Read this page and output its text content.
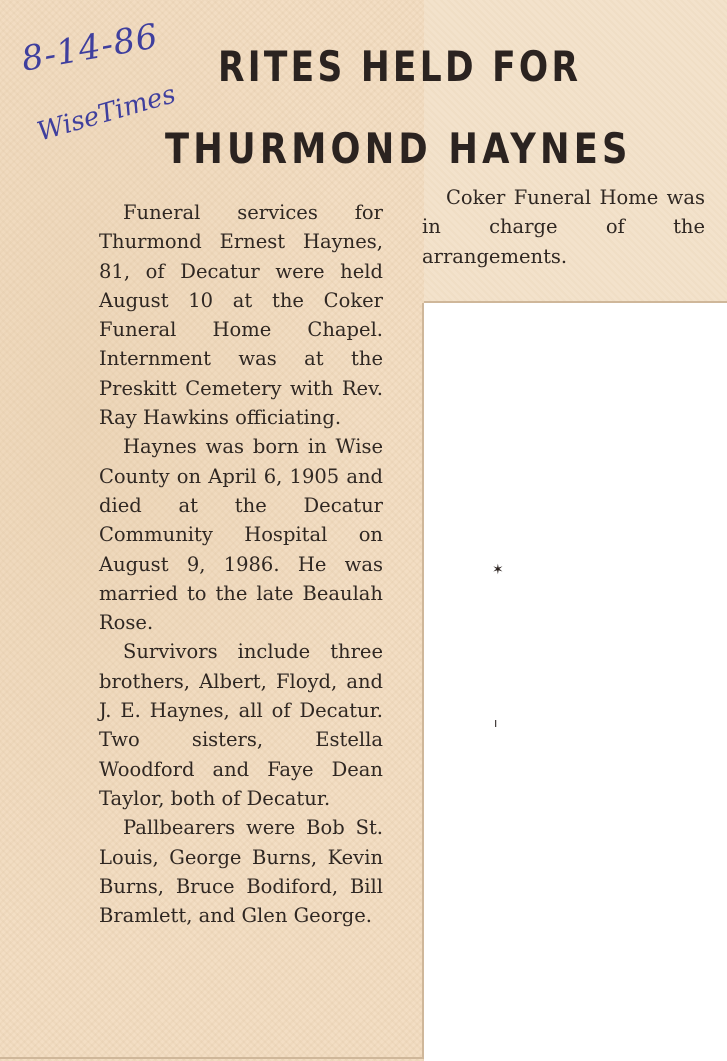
8-14-86
WiseTimes
RITES HELD FOR
THURMOND HAYNES

Funeral services for Thurmond Ernest Haynes, 81, of Decatur were held August 10 at the Coker Funeral Home Chapel. Internment was at the Preskitt Cemetery with Rev. Ray Hawkins officiating.

Haynes was born in Wise County on April 6, 1905 and died at the Decatur Community Hospital on August 9, 1986. He was married to the late Beaulah Rose.

Survivors include three brothers, Albert, Floyd, and J. E. Haynes, all of Decatur. Two sisters, Estella Woodford and Faye Dean Taylor, both of Decatur.

Pallbearers were Bob St. Louis, George Burns, Kevin Burns, Bruce Bodiford, Bill Bramlett, and Glen George.

Coker Funeral Home was in charge of the arrangements.

✶
ı
